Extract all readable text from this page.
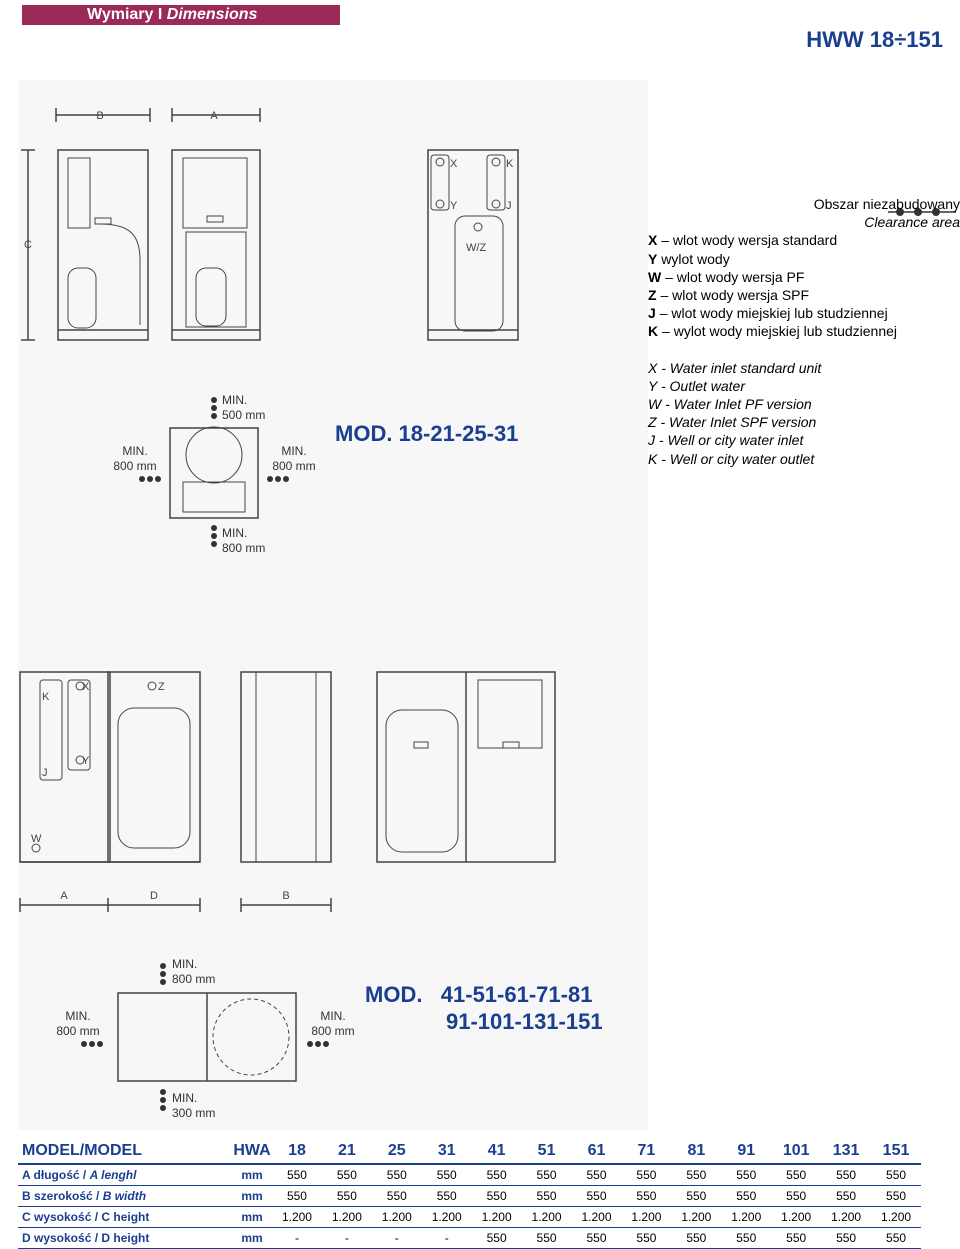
Wymiary I Dimensions
HWW 18÷151
B	A
C
X
Y
K
J
W/Z
K
X
Y
J
Z
W
A	D	B
MIN.
500 mm
MIN.
800 mm
MIN.
800 mm
MIN.
800 mm
MIN.
800 mm
MIN.
800 mm
MIN.
800 mm
MIN.
300 mm
MOD. 18-21-25-31
MOD.   41-51-61-71-81
91-101-131-151
Obszar niezabudowany
Clearance area
X – wlot wody wersja standard
Y wylot wody
W – wlot wody wersja PF
Z – wlot wody wersja SPF
J – wlot wody miejskiej lub studziennej
K – wylot wody miejskiej lub studziennej
X - Water inlet standard unit
Y - Outlet water
W - Water Inlet PF version
Z - Water Inlet SPF version
J - Well or city water inlet
K - Well or city water outlet
MODEL/MODEL	HWA	18	21	25	31	41	51	61	71	81	91	101	131	151
A długość / A lenghl	mm	550	550	550	550	550	550	550	550	550	550	550	550	550
B szerokość / B width	mm	550	550	550	550	550	550	550	550	550	550	550	550	550
C wysokość / C height	mm	1.200	1.200	1.200	1.200	1.200	1.200	1.200	1.200	1.200	1.200	1.200	1.200	1.200
D wysokość / D height	mm	-	-	-	-	550	550	550	550	550	550	550	550	550
